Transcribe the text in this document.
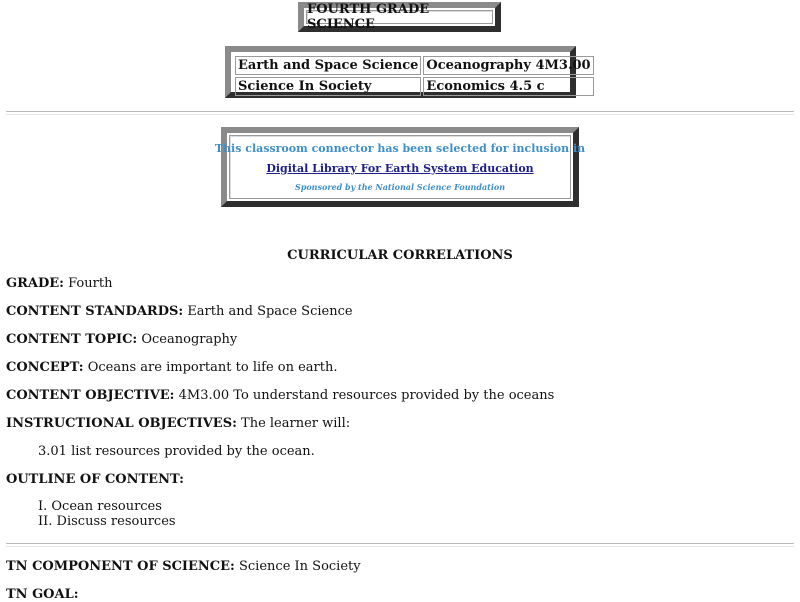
FOURTH GRADE SCIENCE
Earth and Space Science	Oceanography 4M3.00
Science In Society	Economics 4.5 c
This classroom connector has been selected for inclusion in
Digital Library For Earth System Education
Sponsored by the National Science Foundation
CURRICULAR CORRELATIONS
GRADE: Fourth
CONTENT STANDARDS: Earth and Space Science
CONTENT TOPIC: Oceanography
CONCEPT: Oceans are important to life on earth.
CONTENT OBJECTIVE: 4M3.00 To understand resources provided by the oceans
INSTRUCTIONAL OBJECTIVES: The learner will:
3.01 list resources provided by the ocean.
OUTLINE OF CONTENT:
I. Ocean resources
II. Discuss resources
TN COMPONENT OF SCIENCE: Science In Society
TN GOAL:
